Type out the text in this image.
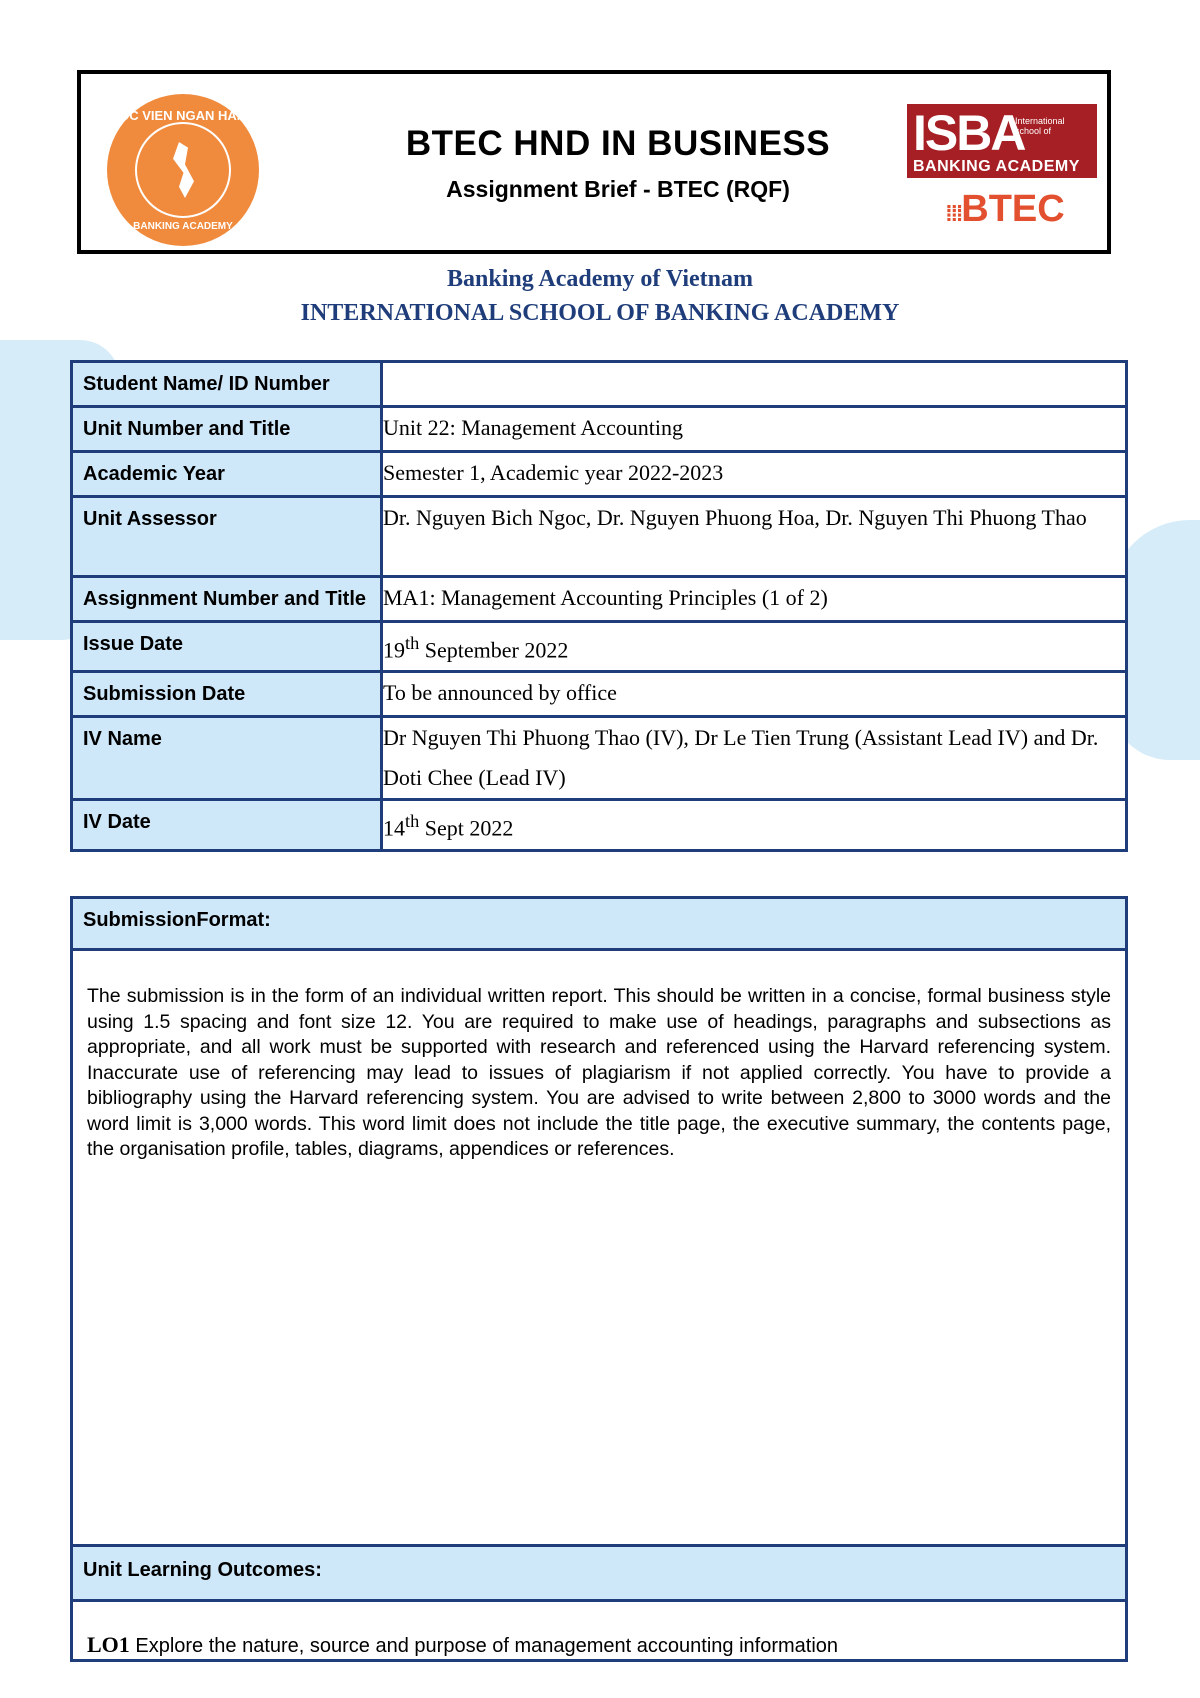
HOC VIEN NGAN HANG
BANKING ACADEMY
BTEC HND IN BUSINESS
Assignment Brief - BTEC (RQF)
ISBA
International school of
BANKING ACADEMY
⁞⁞⁞BTEC
Banking Academy of Vietnam
INTERNATIONAL SCHOOL OF BANKING ACADEMY
Student Name/ ID Number	
Unit Number and Title	Unit 22: Management Accounting
Academic Year	Semester 1, Academic year 2022-2023
Unit Assessor	Dr. Nguyen Bich Ngoc, Dr. Nguyen Phuong Hoa, Dr. Nguyen Thi Phuong Thao
Assignment Number and Title	MA1: Management Accounting Principles (1 of 2)
Issue Date	19th September 2022
Submission Date	To be announced by office
IV Name	Dr Nguyen Thi Phuong Thao (IV), Dr Le Tien Trung (Assistant Lead IV) and Dr. Doti Chee (Lead IV)
IV Date	14th Sept 2022
SubmissionFormat:
The submission is in the form of an individual written report. This should be written in a concise, formal business style using 1.5 spacing and font size 12. You are required to make use of headings, paragraphs and subsections as appropriate, and all work must be supported with research and referenced using the Harvard referencing system. Inaccurate use of referencing may lead to issues of plagiarism if not applied correctly. You have to provide a bibliography using the Harvard referencing system. You are advised to write between 2,800 to 3000 words and the word limit is 3,000 words. This word limit does not include the title page, the executive summary, the contents page, the organisation profile, tables, diagrams, appendices or references.
Unit Learning Outcomes:
LO1 Explore the nature, source and purpose of management accounting information
